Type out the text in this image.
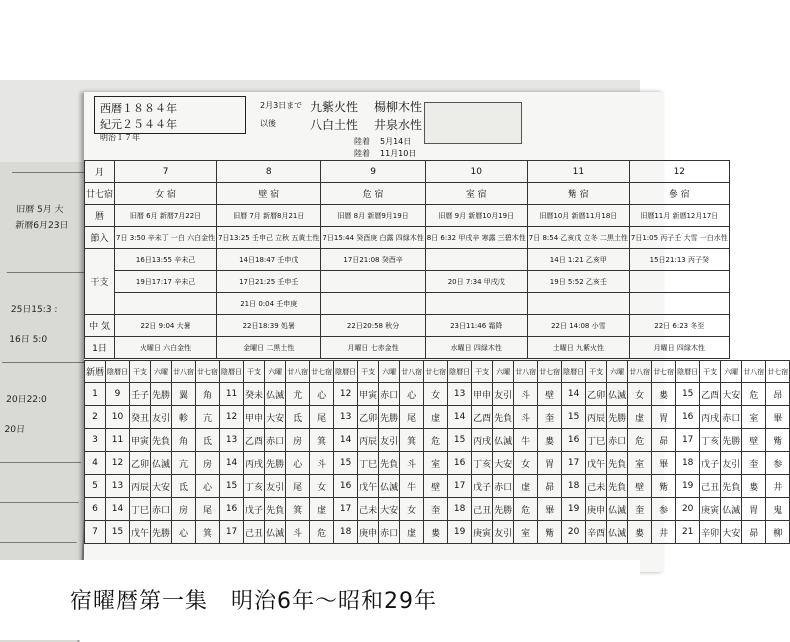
旧暦 5月 大
新暦6月23日
25日15:3 :
16日 5:0
20日22:0
20日
西暦１８８４年
紀元２５４４年
明治１７年
2月3日まで 九紫火性 楊柳木性
以後	八白土性 井泉水性
陸着 5月14日
陸着 11月10日
月	7	8	9	10	11	12
廿七宿	女 宿	壁 宿	危 宿	室 宿	觜 宿	參 宿
暦	旧暦 6月 新暦7月22日	旧暦 7月 新暦8月21日	旧暦 8月 新暦9月19日	旧暦 9月 新暦10月19日	旧暦10月 新暦11月18日	旧暦11月 新暦12月17日
節入	7日 3:50 辛未丁 一白 六白金性	7日13:25 壬申己 立秋 五黄土性	7日15:44 癸酉庚 白露 四緑木性	8日 6:32 甲戌辛 寒露 三碧木性	7日 8:54 乙亥戊 立冬 二黒土性	7日1:05 丙子壬 大雪 一白水性
干支	16日13:55 辛未己	14日18:47 壬申戊	17日21:08 癸酉辛		14日 1:21 乙亥甲	15日21:13 丙子癸
	19日17:17 辛未己	17日21:25 壬申壬		20日 7:34 甲戌戊	19日 5:52 乙亥壬	
		21日 0:04 壬申庚				
中 気	22日 9:04 大暑	22日18:39 処暑	22日20:58 秋分	23日11:46 霜降	22日 14:08 小雪	22日 6:23 冬至
1日	火曜日 六白金性	金曜日 二黒土性	月曜日 七赤金性	水曜日 四緑木性	土曜日 九紫火性	月曜日 四緑木性
新暦	陰暦日	干支	六曜	廿八宿	廿七宿	陰暦日	干支	六曜	廿八宿	廿七宿	陰暦日	干支	六曜	廿八宿	廿七宿	陰暦日	干支	六曜	廿八宿	廿七宿	陰暦日	干支	六曜	廿八宿	廿七宿	陰暦日	干支	六曜	廿八宿	廿七宿
1	9	壬子	先勝	翼	角	11	癸未	仏滅	尤	心	12	甲寅	赤口	心	女	13	甲申	友引	斗	壁	14	乙卯	仏滅	女	婁	15	乙酉	大安	危	昂
2	10	癸丑	友引	軫	亢	12	甲申	大安	氐	尾	13	乙卯	先勝	尾	虚	14	乙酉	先負	斗	奎	15	丙辰	先勝	虚	胃	16	丙戌	赤口	室	畢
3	11	甲寅	先負	角	氐	13	乙酉	赤口	房	箕	14	丙辰	友引	箕	危	15	丙戌	仏滅	牛	婁	16	丁巳	赤口	危	昴	17	丁亥	先勝	壁	觜
4	12	乙卯	仏滅	亢	房	14	丙戌	先勝	心	斗	15	丁巳	先負	斗	室	16	丁亥	大安	女	胃	17	戊午	先負	室	畢	18	戊子	友引	奎	参
5	13	丙辰	大安	氐	心	15	丁亥	友引	尾	女	16	戊午	仏滅	牛	壁	17	戊子	赤口	虚	昴	18	己未	先負	壁	觜	19	己丑	先負	婁	井
6	14	丁巳	赤口	房	尾	16	戊子	先負	箕	虚	17	己未	大安	女	奎	18	己丑	先勝	危	畢	19	庚申	仏滅	奎	参	20	庚寅	仏滅	胃	鬼
7	15	戊午	先勝	心	箕	17	己丑	仏滅	斗	危	18	庚申	赤口	虚	婁	19	庚寅	友引	室	觜	20	辛酉	仏滅	婁	井	21	辛卯	大安	昴	柳
宿曜暦第一集　明治6年～昭和29年
